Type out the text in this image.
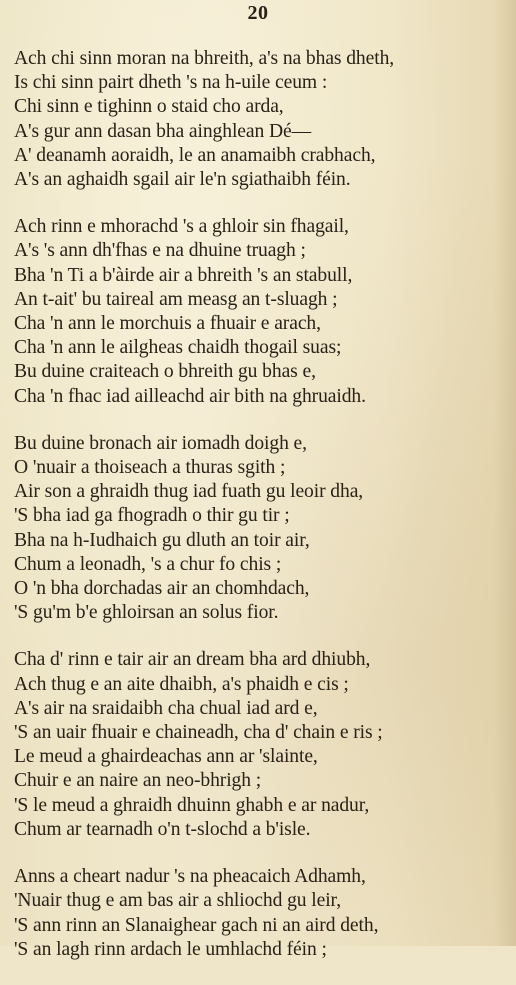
20
Ach chi sinn moran na bhreith, a's na bhas dheth,
Is chi sinn pairt dheth 's na h-uile ceum :
Chi sinn e tighinn o staid cho arda,
A's gur ann dasan bha ainghlean Dé—
A' deanamh aoraidh, le an anamaibh crabhach,
A's an aghaidh sgail air le'n sgiathaibh féin.
Ach rinn e mhorachd 's a ghloir sin fhagail,
A's 's ann dh'fhas e na dhuine truagh ;
Bha 'n Ti a b'àirde air a bhreith 's an stabull,
An t-ait' bu taireal am measg an t-sluagh ;
Cha 'n ann le morchuis a fhuair e arach,
Cha 'n ann le ailgheas chaidh thogail suas;
Bu duine craiteach o bhreith gu bhas e,
Cha 'n fhac iad ailleachd air bith na ghruaidh.
Bu duine bronach air iomadh doigh e,
O 'nuair a thoiseach a thuras sgith ;
Air son a ghraidh thug iad fuath gu leoir dha,
'S bha iad ga fhogradh o thir gu tir ;
Bha na h-Iudhaich gu dluth an toir air,
Chum a leonadh, 's a chur fo chis ;
O 'n bha dorchadas air an chomhdach,
'S gu'm b'e ghloirsan an solus fior.
Cha d' rinn e tair air an dream bha ard dhiubh,
Ach thug e an aite dhaibh, a's phaidh e cis ;
A's air na sraidaibh cha chual iad ard e,
'S an uair fhuair e chaineadh, cha d' chain e ris ;
Le meud a ghairdeachas ann ar 'slainte,
Chuir e an naire an neo-bhrigh ;
'S le meud a ghraidh dhuinn ghabh e ar nadur,
Chum ar tearnadh o'n t-slochd a b'isle.
Anns a cheart nadur 's na pheacaich Adhamh,
'Nuair thug e am bas air a shliochd gu leir,
'S ann rinn an Slanaighear gach ni an aird deth,
'S an lagh rinn ardach le umhlachd féin ;
